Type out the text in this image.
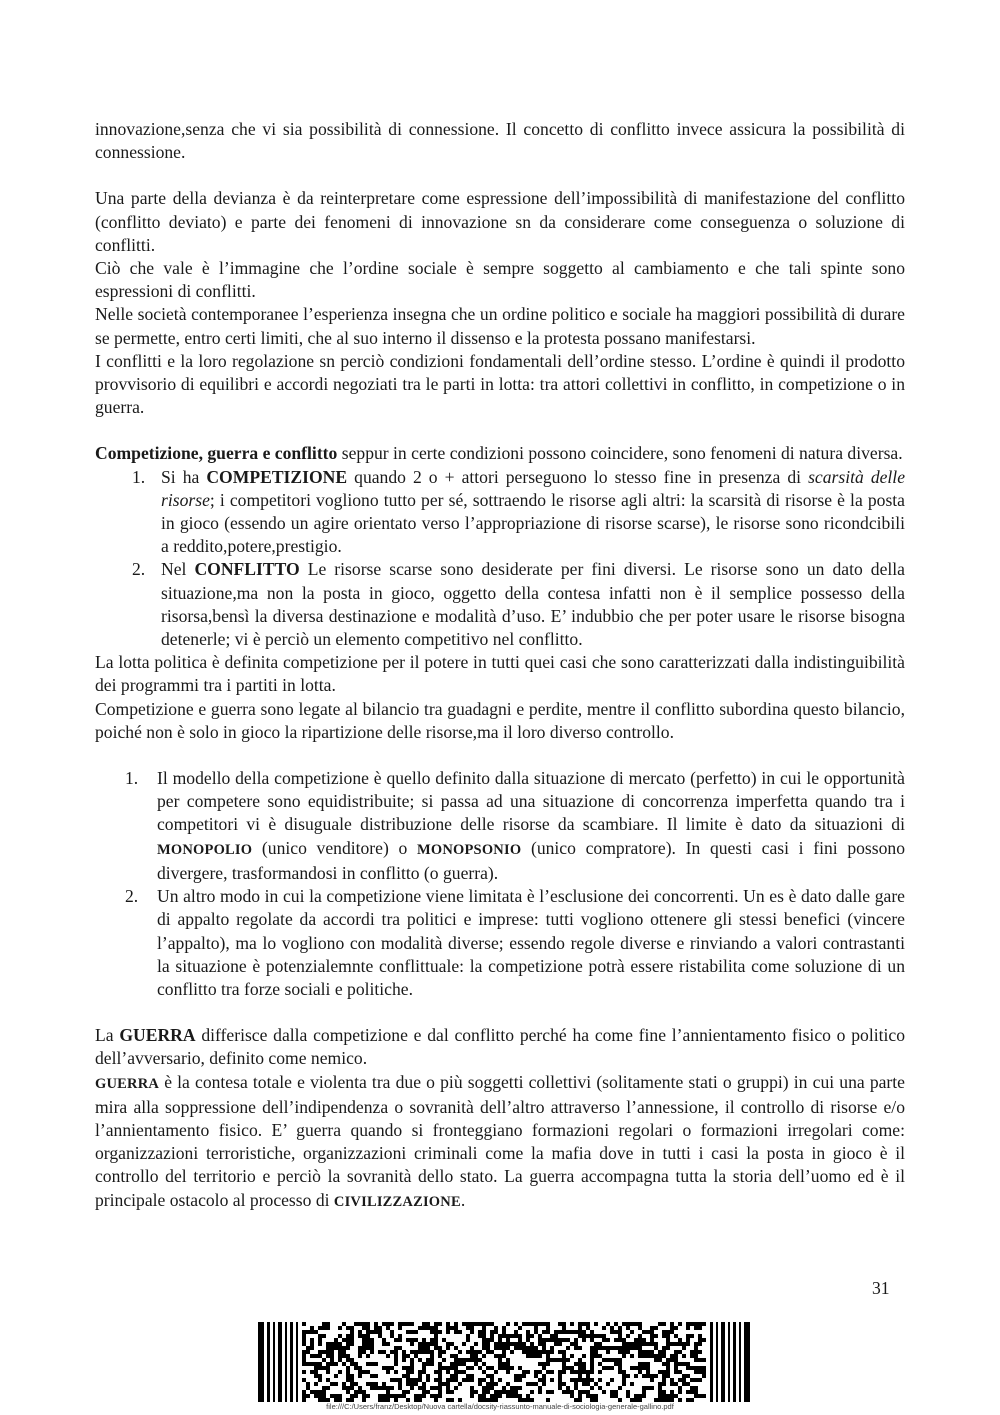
innovazione,senza che vi sia possibilità di connessione. Il concetto di conflitto invece assicura la possibilità di connessione.

Una parte della devianza è da reinterpretare come espressione dell’impossibilità di manifestazione del conflitto (conflitto deviato) e parte dei fenomeni di innovazione sn da considerare come conseguenza o soluzione di conflitti.

Ciò che vale è l’immagine che l’ordine sociale è sempre soggetto al cambiamento e che tali spinte sono espressioni di conflitti.

Nelle società contemporanee l’esperienza insegna che un ordine politico e sociale ha maggiori possibilità di durare se permette, entro certi limiti, che al suo interno il dissenso e la protesta possano manifestarsi.

I conflitti e la loro regolazione sn perciò condizioni fondamentali dell’ordine stesso. L’ordine è quindi il prodotto provvisorio di equilibri e accordi negoziati tra le parti in lotta: tra attori collettivi in conflitto, in competizione o in guerra.

Competizione, guerra e conflitto seppur in certe condizioni possono coincidere, sono fenomeni di natura diversa.

1. Si ha COMPETIZIONE quando 2 o + attori perseguono lo stesso fine in presenza di scarsità delle risorse; i competitori vogliono tutto per sé, sottraendo le risorse agli altri: la scarsità di risorse è la posta in gioco (essendo un agire orientato verso l’appropriazione di risorse scarse), le risorse sono ricondcibili a reddito,potere,prestigio.
2. Nel CONFLITTO Le risorse scarse sono desiderate per fini diversi. Le risorse sono un dato della situazione,ma non la posta in gioco, oggetto della contesa infatti non è il semplice possesso della risorsa,bensì la diversa destinazione e modalità d’uso. E’ indubbio che per poter usare le risorse bisogna detenerle; vi è perciò un elemento competitivo nel conflitto.

La lotta politica è definita competizione per il potere in tutti quei casi che sono caratterizzati dalla indistinguibilità dei programmi tra i partiti in lotta.

Competizione e guerra sono legate al bilancio tra guadagni e perdite, mentre il conflitto subordina questo bilancio, poiché non è solo in gioco la ripartizione delle risorse,ma il loro diverso controllo.

1. Il modello della competizione è quello definito dalla situazione di mercato (perfetto) in cui le opportunità per competere sono equidistribuite; si passa ad una situazione di concorrenza imperfetta quando tra i competitori vi è disuguale distribuzione delle risorse da scambiare. Il limite è dato da situazioni di MONOPOLIO (unico venditore) o MONOPSONIO (unico compratore). In questi casi i fini possono divergere, trasformandosi in conflitto (o guerra).
2. Un altro modo in cui la competizione viene limitata è l’esclusione dei concorrenti. Un es è dato dalle gare di appalto regolate da accordi tra politici e imprese: tutti vogliono ottenere gli stessi benefici (vincere l’appalto), ma lo vogliono con modalità diverse; essendo regole diverse e rinviando a valori contrastanti la situazione è potenzialemnte conflittuale: la competizione potrà essere ristabilita come soluzione di un conflitto tra forze sociali e politiche.

La GUERRA differisce dalla competizione e dal conflitto perché ha come fine l’annientamento fisico o politico dell’avversario, definito come nemico.

GUERRA è la contesa totale e violenta tra due o più soggetti collettivi (solitamente stati o gruppi) in cui una parte mira alla soppressione dell’indipendenza o sovranità dell’altro attraverso l’annessione, il controllo di risorse e/o l’annientamento fisico. E’ guerra quando si fronteggiano formazioni regolari o formazioni irregolari come: organizzazioni terroristiche, organizzazioni criminali come la mafia dove in tutti i casi la posta in gioco è il controllo del territorio e perciò la sovranità dello stato. La guerra accompagna tutta la storia dell’uomo ed è il principale ostacolo al processo di CIVILIZZAZIONE.

31
file:///C:/Users/franz/Desktop/Nuova cartella/docsity-riassunto-manuale-di-sociologia-generale-gallino.pdf
